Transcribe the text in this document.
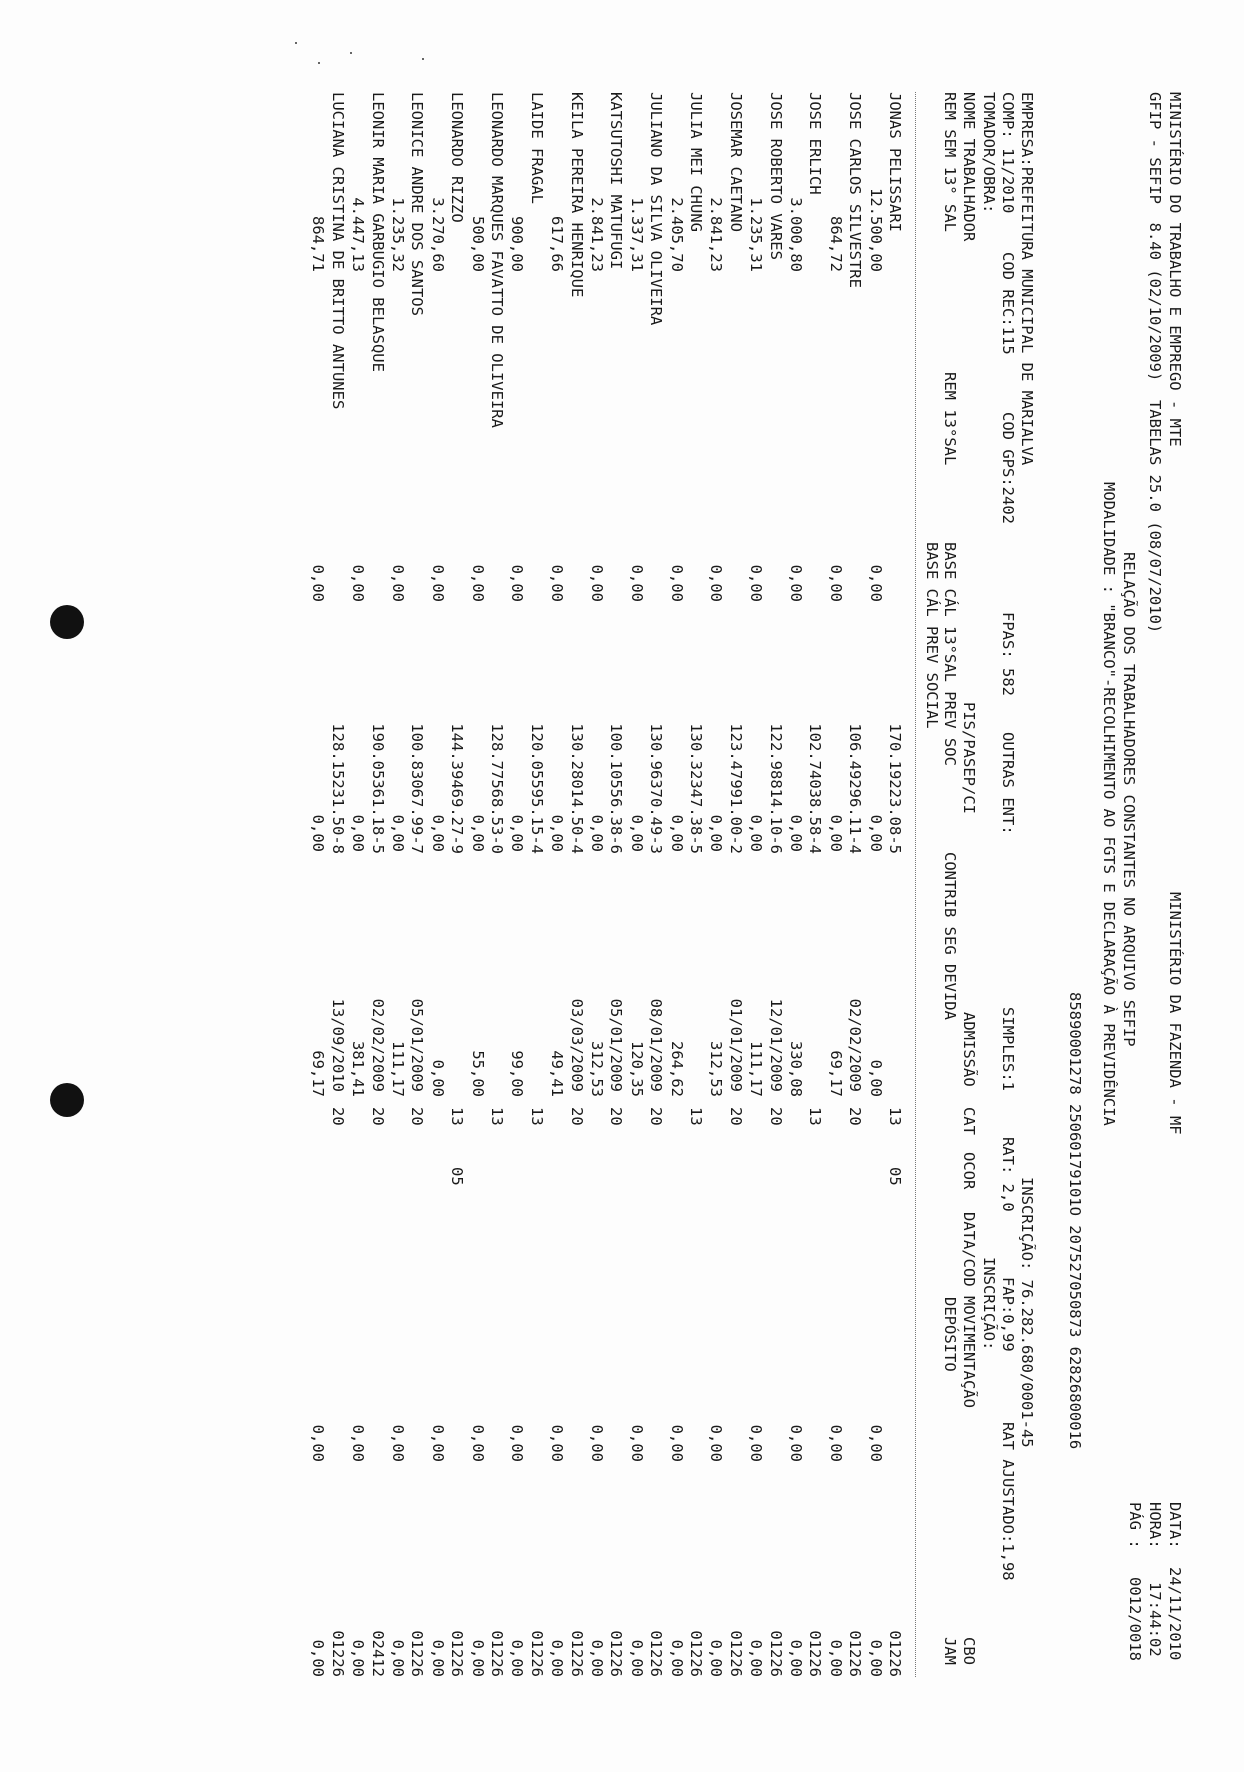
MINISTÉRIO DO TRABALHO E EMPREGO - MTE

MINISTÉRIO DA FAZENDA - MF

DATA:

24/11/2010

GFIP - SEFIP  8.40 (02/10/2009)  TABELAS 25.0 (08/07/2010)

HORA:

17:44:02

PÁG :

0012/0018

RELAÇÃO DOS TRABALHADORES CONSTANTES NO ARQUIVO SEFIP

MODALIDADE : "BRANCO"-RECOLHIMENTO AO FGTS E DECLARAÇÃO À PREVIDÊNCIA

85890001278 25060179101O 20752705087З 62826800016

EMPRESA:PREFEITURA MUNICIPAL DE MARIALVA

INSCRIÇÃO: 76.282.680/0001-45

COMP: 11/2010

COD REC:115

COD GPS:2402

FPAS: 582

OUTRAS ENT:

SIMPLES:1

RAT: 2,0

FAP:0,99

RAT AJUSTADO:1,98

TOMADOR/OBRA:

INSCRIÇÃO:

NOME TRABALHADOR

PIS/PASEP/CI

ADMISSÃO

CAT

OCOR

DATA/COD MOVIMENTAÇÃO

CBO

REM SEM 13° SAL

REM 13°SAL

BASE CÁL 13°SAL PREV SOC

CONTRIB SEG DEVIDA

DEPÓSITO

JAM

BASE CÁL PREV SOCIAL

JONAS PELISSARI
170.19223.08-5
13
05
01226
12.500,00
0,00
0,00
0,00
0,00
0,00
JOSE CARLOS SILVESTRE
106.49296.11-4
02/02/2009
20
01226
864,72
0,00
0,00
69,17
0,00
0,00
JOSE ERLICH
102.74038.58-4
13
01226
3.000,80
0,00
0,00
330,08
0,00
0,00
JOSE ROBERTO VARES
122.98814.10-6
12/01/2009
20
01226
1.235,31
0,00
0,00
111,17
0,00
0,00
JOSEMAR CAETANO
123.47991.00-2
01/01/2009
20
01226
2.841,23
0,00
0,00
312,53
0,00
0,00
JULIA MEI CHUNG
130.32347.38-5
13
01226
2.405,70
0,00
0,00
264,62
0,00
0,00
JULIANO DA SILVA OLIVEIRA
130.96370.49-3
08/01/2009
20
01226
1.337,31
0,00
0,00
120,35
0,00
0,00
KATSUTOSHI MATUFUGI
100.10556.38-6
05/01/2009
20
01226
2.841,23
0,00
0,00
312,53
0,00
0,00
KEILA PEREIRA HENRIQUE
130.28014.50-4
03/03/2009
20
01226
617,66
0,00
0,00
49,41
0,00
0,00
LAIDE FRAGAL
120.05595.15-4
13
01226
900,00
0,00
0,00
99,00
0,00
0,00
LEONARDO MARQUES FAVATTO DE OLIVEIRA
128.77568.53-0
13
01226
500,00
0,00
0,00
55,00
0,00
0,00
LEONARDO RIZZO
144.39469.27-9
13
05
01226
3.270,60
0,00
0,00
0,00
0,00
0,00
LEONICE ANDRE DOS SANTOS
100.83067.99-7
05/01/2009
20
01226
1.235,32
0,00
0,00
111,17
0,00
0,00
LEONIR MARIA GARBUGIO BELASQUE
190.05361.18-5
02/02/2009
20
02412
4.447,13
0,00
0,00
381,41
0,00
0,00
LUCIANA CRISTINA DE BRITTO ANTUNES
128.15231.50-8
13/09/2010
20
01226
864,71
0,00
0,00
69,17
0,00
0,00
